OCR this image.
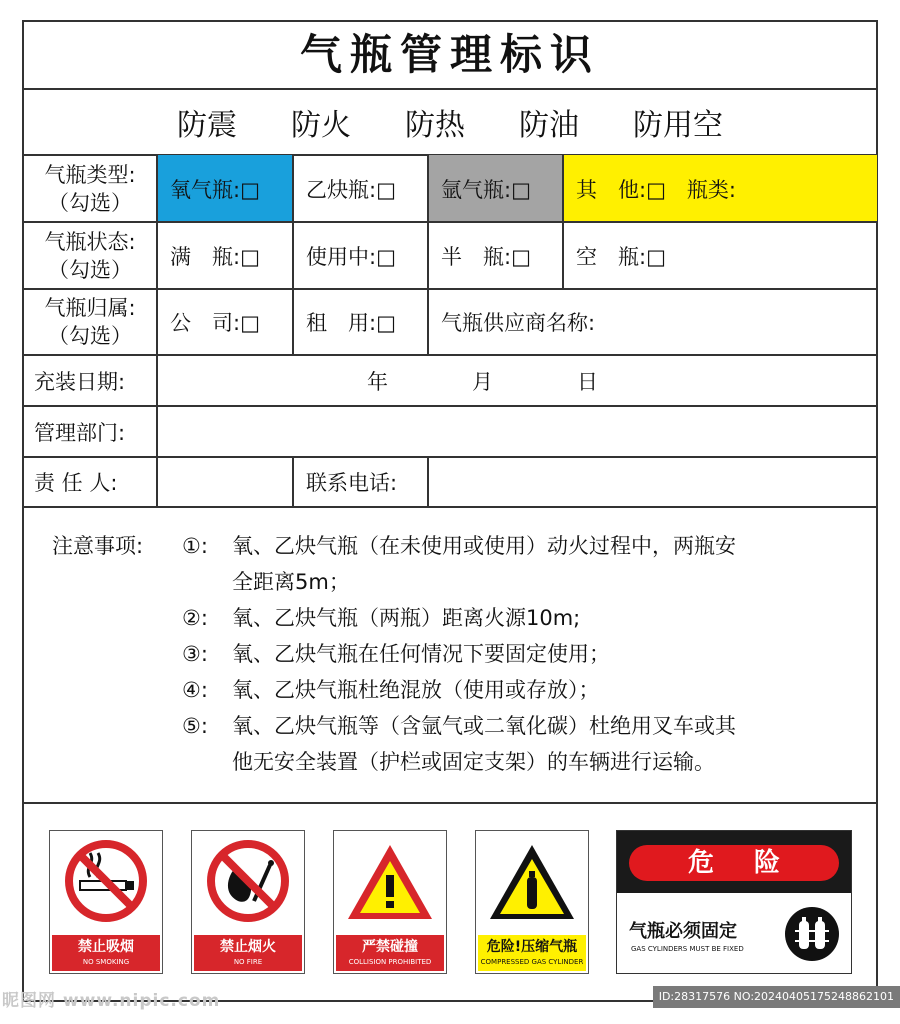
气瓶管理标识
防震 防火 防热 防油 防用空
气瓶类型:
（勾选）
氧气瓶:□ 乙炔瓶:□ 氩气瓶:□ 其　他:□　瓶类:
气瓶状态:
（勾选）
满　瓶:□ 使用中:□ 半　瓶:□ 空　瓶:□
气瓶归属:
（勾选）
公　司:□ 租　用:□ 气瓶供应商名称:
充装日期:	年	月	日
管理部门:
责 任 人:	联系电话:
注意事项:	①:	氧、乙炔气瓶（在未使用或使用）动火过程中，两瓶安
全距离5m；
②:	氧、乙炔气瓶（两瓶）距离火源10m;
③:	氧、乙炔气瓶在任何情况下要固定使用；
④:	氧、乙炔气瓶杜绝混放（使用或存放）；
⑤:	氧、乙炔气瓶等（含氩气或二氧化碳）杜绝用叉车或其
他无安全装置（护栏或固定支架）的车辆进行运输。
禁止吸烟
NO SMOKING
禁止烟火
NO FIRE
严禁碰撞
COLLISION PROHIBITED
危险!压缩气瓶
COMPRESSED GAS CYLINDER
危险
气瓶必须固定
GAS CYLINDERS MUST BE FIXED
昵图网 www.nipic.com	ID:28317576 NO:20240405175248862101
